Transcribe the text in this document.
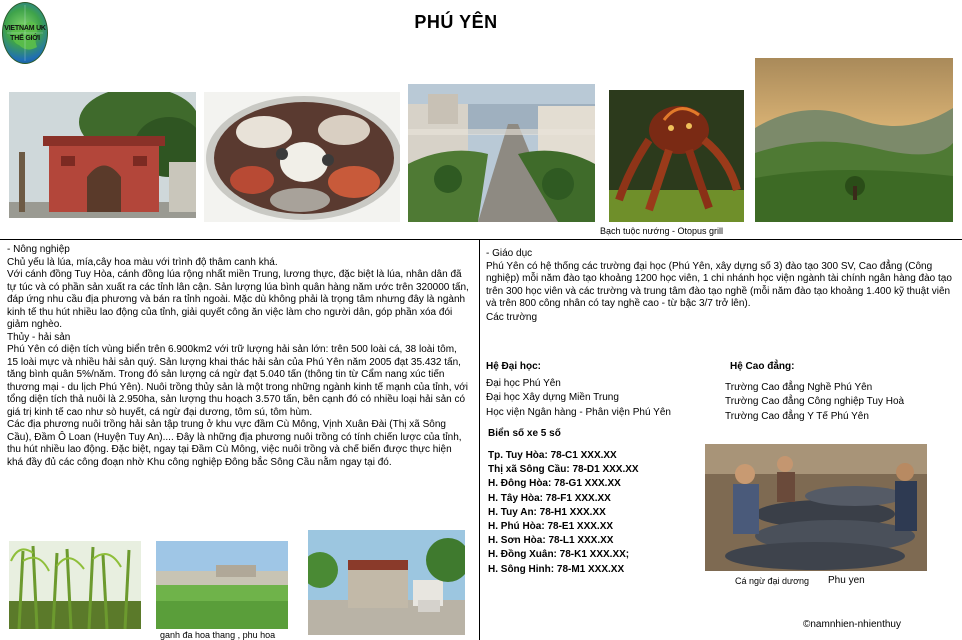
VIETNAM UK
THẾ GIỚI
PHÚ YÊN
Bạch tuộc nướng - Otopus grill

- Nông nghiệp

Chủ yếu là lúa, mía,cây hoa màu với trình độ thâm canh khá.

Với cánh đồng Tuy Hòa, cánh đồng lúa rộng nhất miền Trung, lương thực, đặc biệt là lúa, nhân dân đã tự túc và có phần sản xuất ra các tỉnh lân cận. Sản lượng lúa bình quân hàng năm ước trên 320000 tấn, đáp ứng nhu cầu địa phương và bán ra tỉnh ngoài. Mặc dù không phải là trọng tâm nhưng đây là ngành kinh tế thu hút nhiều lao động của tỉnh, giải quyết công ăn việc làm cho người dân, góp phần xóa đói giảm nghèo.

Thủy - hải sản

Phú Yên có diện tích vùng biển trên 6.900km2 với trữ lượng hải sản lớn: trên 500 loài cá, 38 loài tôm, 15 loài mực và nhiều hải sản quý. Sản lượng khai thác hải sản của Phú Yên năm 2005 đạt 35.432 tấn, tăng bình quân 5%/năm. Trong đó sản lượng cá ngừ đạt 5.040 tấn (thông tin từ Cẩm nang xúc tiến thương mại - du lịch Phú Yên). Nuôi trồng thủy sản là một trong những ngành kinh tế mạnh của tỉnh, với tổng diện tích thả nuôi là 2.950ha, sản lượng thu hoạch 3.570 tấn, bên cạnh đó có nhiều loại hải sản có giá trị kinh tế cao như sò huyết, cá ngừ đại dương, tôm sú, tôm hùm.

Các địa phương nuôi trồng hải sản tập trung ở khu vực đầm Cù Mông, Vịnh Xuân Đài (Thị xã Sông Cầu), Đầm Ô Loan (Huyện Tuy An).... Đây là những địa phương nuôi trồng có tính chiến lược của tỉnh, thu hút nhiều lao động. Đặc biệt, ngay tại Đầm Cù Mông, việc nuôi trồng và chế biến được thực hiện khá đầy đủ các công đoạn nhờ Khu công nghiệp Đông bắc Sông Cầu nằm ngay tại đó.

ganh đa hoa thang , phu hoa

- Giáo dục

Phú Yên có hệ thống các trường đại học (Phú Yên, xây dựng số 3) đào tạo 300 SV, Cao đẳng (Công nghiệp) mỗi năm đào tạo khoảng 1200 học viên, 1 chi nhánh học viện ngành tài chính ngân hàng đào tạo trên 300 học viên và các trường và trung tâm đào tạo nghề (mỗi năm đào tạo khoảng 1.400 kỹ thuật viên và trên 800 công nhân có tay nghề cao - từ bậc 3/7 trở lên).

Các trường

Hệ Đại học:

Đại học Phú Yên

Đại học Xây dựng Miền Trung

Học viện Ngân hàng - Phân viện Phú Yên

Hệ Cao đẳng:

Trường Cao đẳng Nghề Phú Yên

Trường Cao đẳng Công nghiệp Tuy Hoà

Trường Cao đẳng Y Tế Phú Yên

Biển số xe 5 số

Tp. Tuy Hòa: 78-C1 XXX.XX

Thị xã Sông Cầu: 78-D1 XXX.XX

H. Đông Hòa: 78-G1 XXX.XX

H. Tây Hòa: 78-F1 XXX.XX

H. Tuy An: 78-H1 XXX.XX

H. Phú Hòa: 78-E1 XXX.XX

H. Sơn Hòa: 78-L1 XXX.XX

H. Đồng Xuân: 78-K1 XXX.XX;

H. Sông Hinh: 78-M1 XXX.XX

Cá ngừ đại dương Phu yen
©namnhien-nhienthuy
